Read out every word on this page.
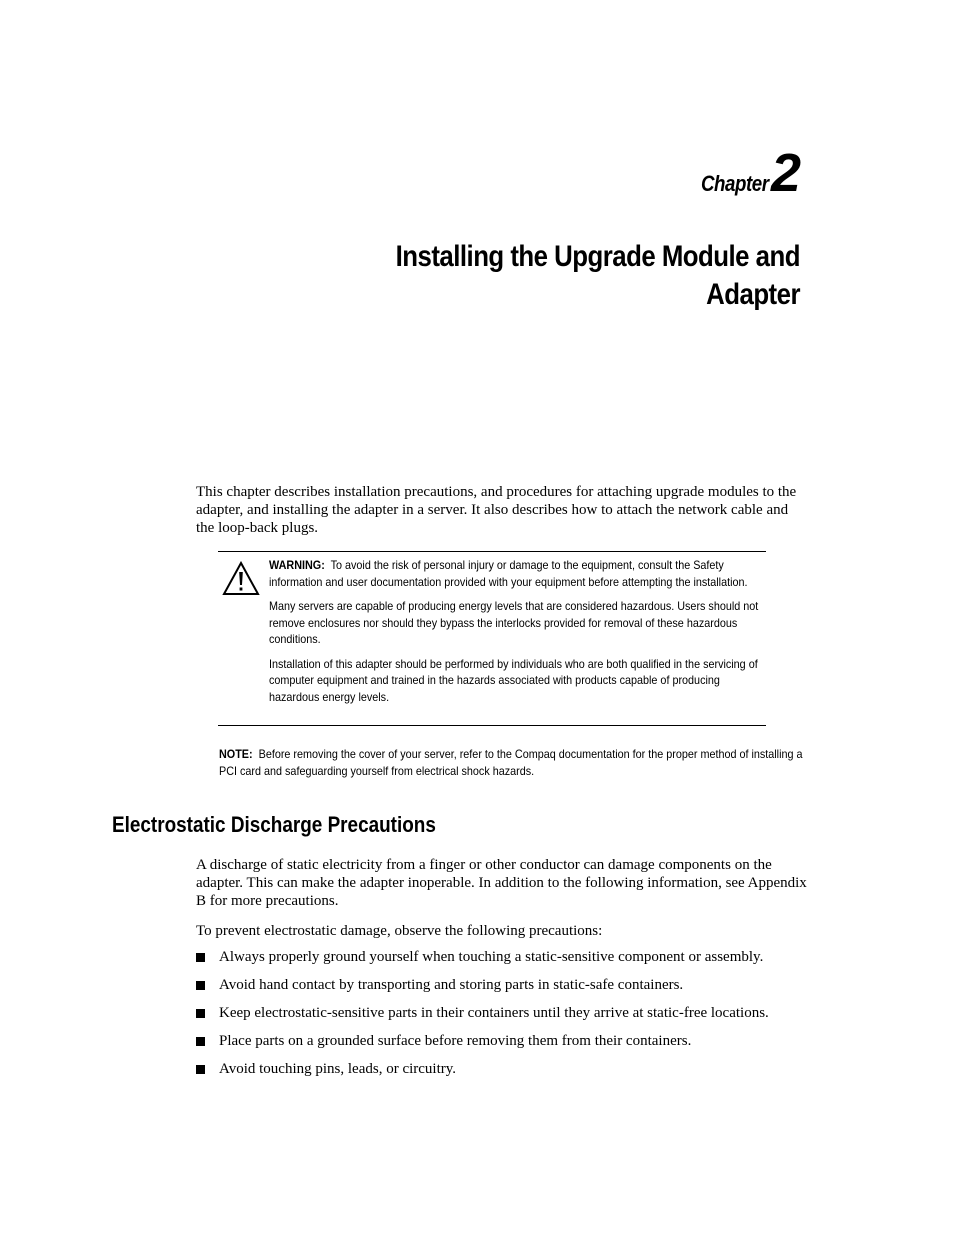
Chapter2
Installing the Upgrade Module and
Adapter

This chapter describes installation precautions, and procedures for attaching upgrade modules to the adapter, and installing the adapter in a server. It also describes how to attach the network cable and the loop-back plugs.

WARNING: To avoid the risk of personal injury or damage to the equipment, consult the Safety information and user documentation provided with your equipment before attempting the installation.

Many servers are capable of producing energy levels that are considered hazardous. Users should not remove enclosures nor should they bypass the interlocks provided for removal of these hazardous conditions.

Installation of this adapter should be performed by individuals who are both qualified in the servicing of computer equipment and trained in the hazards associated with products capable of producing hazardous energy levels.

NOTE: Before removing the cover of your server, refer to the Compaq documentation for the proper method of installing a PCI card and safeguarding yourself from electrical shock hazards.

Electrostatic Discharge Precautions

A discharge of static electricity from a finger or other conductor can damage components on the adapter. This can make the adapter inoperable. In addition to the following information, see Appendix B for more precautions.

To prevent electrostatic damage, observe the following precautions:

Always properly ground yourself when touching a static-sensitive component or assembly.
Avoid hand contact by transporting and storing parts in static-safe containers.
Keep electrostatic-sensitive parts in their containers until they arrive at static-free locations.
Place parts on a grounded surface before removing them from their containers.
Avoid touching pins, leads, or circuitry.
